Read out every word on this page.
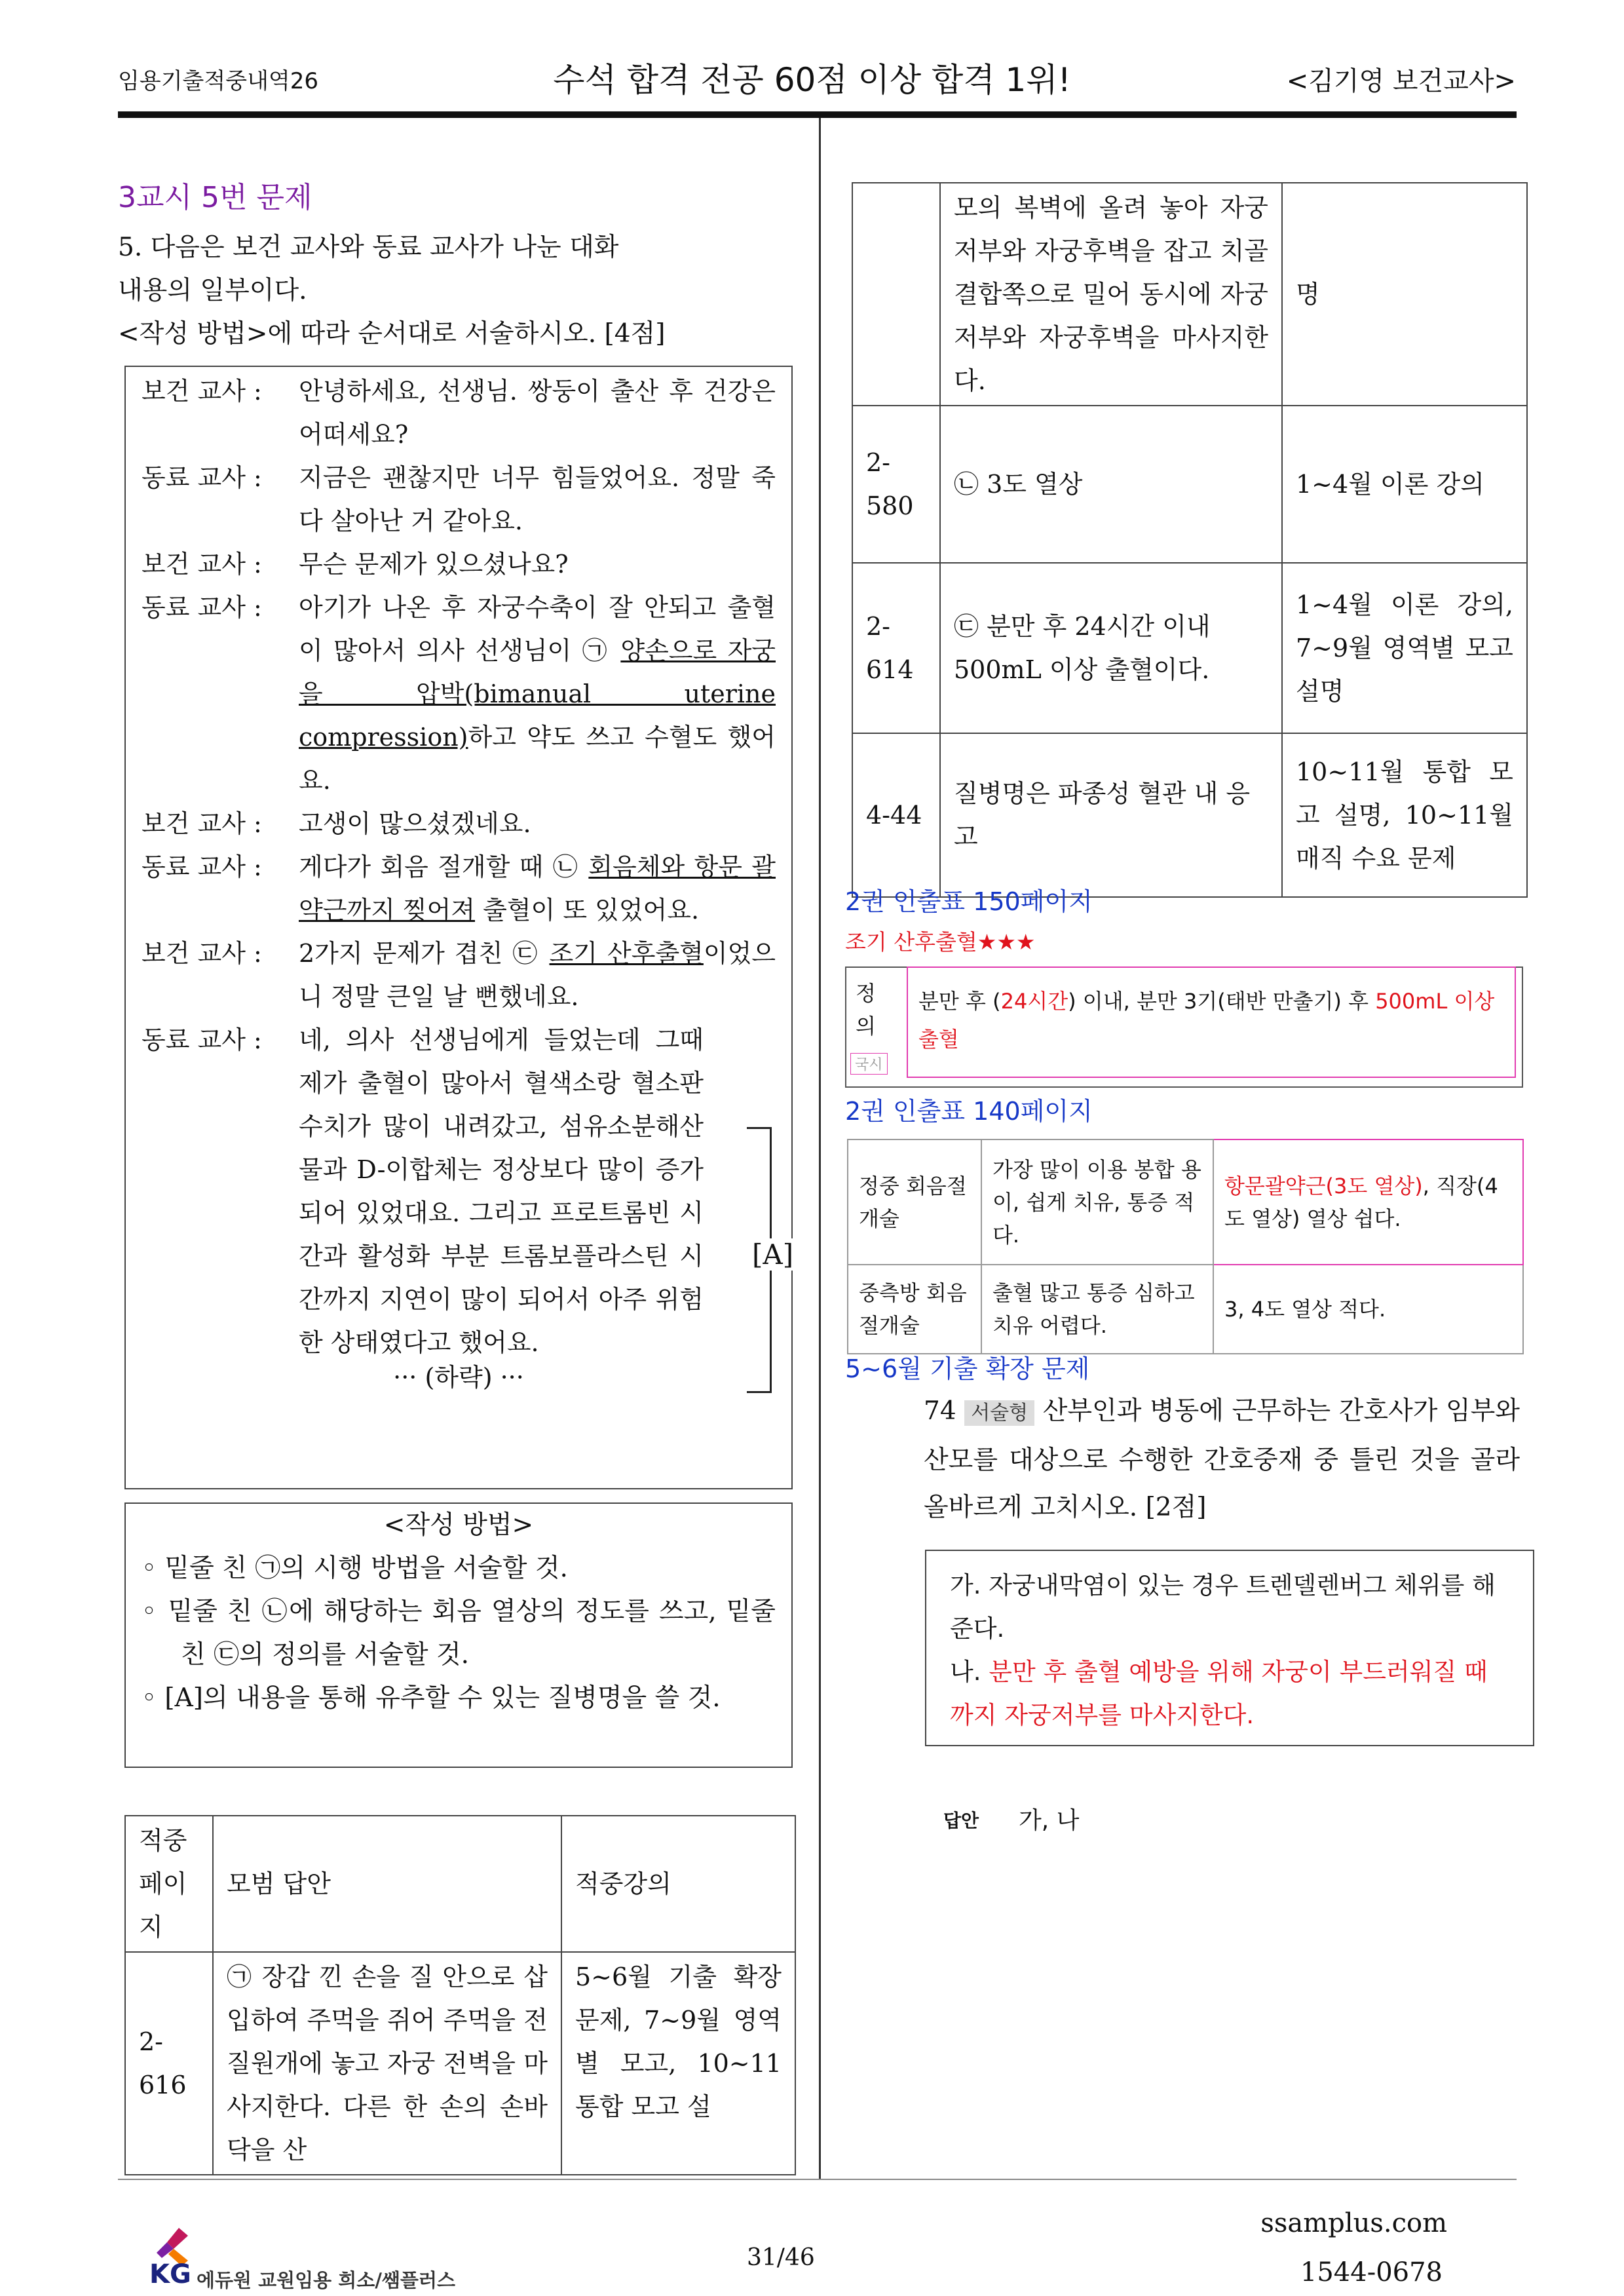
임용기출적중내역26	수석 합격 전공 60점 이상 합격 1위!	<김기영 보건교사>
3교시 5번 문제
5. 다음은 보건 교사와 동료 교사가 나눈 대화
내용의 일부이다.
<작성 방법>에 따라 순서대로 서술하시오. [4점]
보건 교사 :	안녕하세요, 선생님. 쌍둥이 출산 후 건강은 어떠세요?
동료 교사 :	지금은 괜찮지만 너무 힘들었어요. 정말 죽다 살아난 거 같아요.
보건 교사 :	무슨 문제가 있으셨나요?
동료 교사 :	아기가 나온 후 자궁수축이 잘 안되고 출혈이 많아서 의사 선생님이 ㉠ 양손으로 자궁을 압박(bimanual uterine compression)하고 약도 쓰고 수혈도 했어요.
보건 교사 :	고생이 많으셨겠네요.
동료 교사 :	게다가 회음 절개할 때 ㉡ 회음체와 항문 괄약근까지 찢어져 출혈이 또 있었어요.
보건 교사 :	2가지 문제가 겹친 ㉢ 조기 산후출혈이었으니 정말 큰일 날 뻔했네요.
동료 교사 :	네, 의사 선생님에게 들었는데 그때 제가 출혈이 많아서 혈색소랑 혈소판 수치가 많이 내려갔고, 섬유소분해산물과 D-이합체는 정상보다 많이 증가되어 있었대요. 그리고 프로트롬빈 시간과 활성화 부분 트롬보플라스틴 시간까지 지연이 많이 되어서 아주 위험한 상태였다고 했어요.
··· (하략) ···
[A]
<작성 방법>
◦ 밑줄 친 ㉠의 시행 방법을 서술할 것.
◦ 밑줄 친 ㉡에 해당하는 회음 열상의 정도를 쓰고, 밑줄 친 ㉢의 정의를 서술할 것.
◦ [A]의 내용을 통해 유추할 수 있는 질병명을 쓸 것.
적중 페이지	모범 답안	적중강의
2-616	㉠ 장갑 낀 손을 질 안으로 삽입하여 주먹을 쥐어 주먹을 전질원개에 놓고 자궁 전벽을 마사지한다. 다른 한 손의 손바닥을 산	5~6월 기출 확장 문제, 7~9월 영역별 모고, 10~11 통합 모고 설
	모의 복벽에 올려 놓아 자궁저부와 자궁후벽을 잡고 치골 결합쪽으로 밀어 동시에 자궁저부와 자궁후벽을 마사지한다.	명
2-580	㉡ 3도 열상	1~4월 이론 강의
2-614	㉢ 분만 후 24시간 이내 500mL 이상 출혈이다.	1~4월 이론 강의, 7~9월 영역별 모고 설명
4-44	질병명은 파종성 혈관 내 응고	10~11월 통합 모고 설명, 10~11월 매직 수요 문제
2권 인출표 150페이지
조기 산후출혈★★★
정의
국시
분만 후 (24시간) 이내, 분만 3기(태반 만출기) 후 500mL 이상 출혈
2권 인출표 140페이지
정중 회음절개술	가장 많이 이용 봉합 용이, 쉽게 치유, 통증 적다.	항문괄약근(3도 열상), 직장(4도 열상) 열상 쉽다.
중측방 회음절개술	출혈 많고 통증 심하고 치유 어렵다.	3, 4도 열상 적다.
5~6월 기출 확장 문제
74 서술형 산부인과 병동에 근무하는 간호사가 임부와 산모를 대상으로 수행한 간호중재 중 틀린 것을 골라 올바르게 고치시오. [2점]
가. 자궁내막염이 있는 경우 트렌델렌버그 체위를 해 준다.
나. 분만 후 출혈 예방을 위해 자궁이 부드러워질 때까지 자궁저부를 마사지한다.
답안 가, 나
KG 에듀원 교원임용 희소/쌤플러스
31/46
ssamplus.com
1544-0678
